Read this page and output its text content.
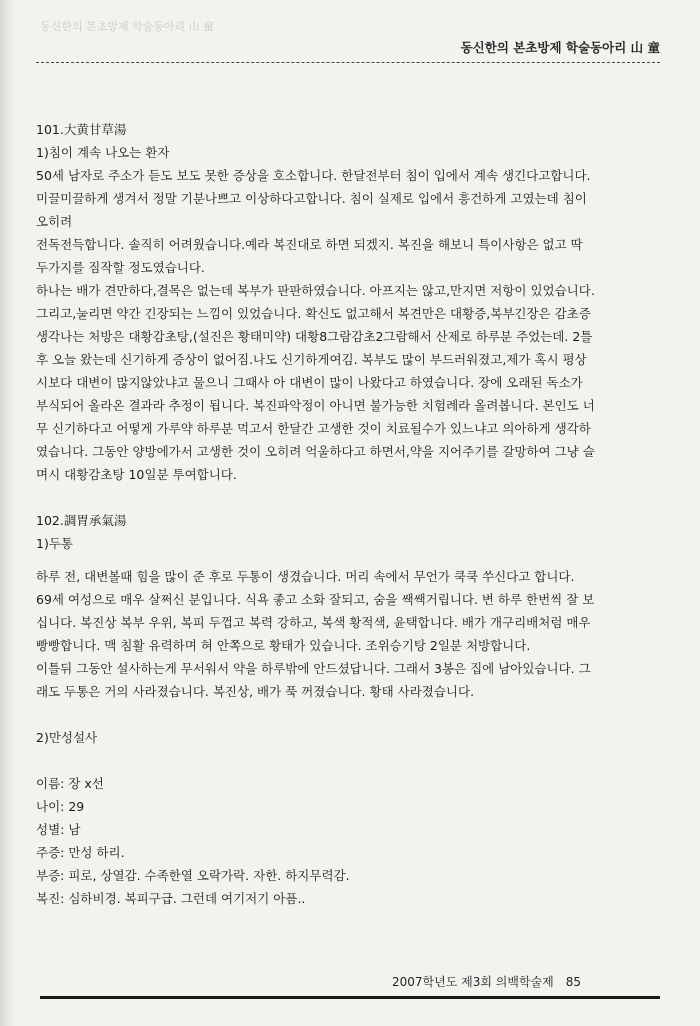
동신한의 본초방제 학술동아리 山 童
동신한의 본초방제 학술동아리 山 童

101.大黄甘草湯

1)침이 계속 나오는 환자

50세 남자로 주소가 듣도 보도 못한 증상을 호소합니다. 한달전부터 침이 입에서 계속 생긴다고합니다.

미끌미끌하게 생겨서 정말 기분나쁘고 이상하다고합니다. 침이 실제로 입에서 흥건하게 고였는데 침이 오히려

전독전득합니다. 솔직히 어려웠습니다.예라 복진대로 하면 되겠지. 복진을 해보니 특이사항은 없고 딱 두가지를 짐작할 정도였습니다.

하나는 배가 견만하다,결목은 없는데 복부가 판판하였습니다. 아프지는 않고,만지면 저항이 있었습니다. 그리고,눌리면 약간 긴장되는 느낌이 있었습니다. 확신도 없고해서 복견만은 대황증,복부긴장은 감초증 생각나는 처방은 대황감초탕,(설진은 황태미약) 대황8그람감초2그람해서 산제로 하루분 주었는데. 2틀후 오늘 왔는데 신기하게 증상이 없어짐.나도 신기하게여김. 복부도 많이 부드러워졌고,제가 혹시 평상시보다 대변이 많지않았냐고 물으니 그때사 아 대변이 많이 나왔다고 하였습니다. 장에 오래된 독소가 부식되어 올라온 결과라 추정이 됩니다. 복진파악정이 아니면 불가능한 치험례라 올려봅니다. 본인도 너무 신기하다고 어떻게 가루약 하루분 먹고서 한달간 고생한 것이 치료될수가 있느냐고 의아하게 생각하였습니다. 그동안 양방에가서 고생한 것이 오히려 억울하다고 하면서,약을 지어주기를 갈망하여 그냥 슬며시 대황감초탕 10일분 투여합니다.

102.調胃承氣湯

1)두통

하루 전, 대변볼때 힘을 많이 준 후로 두통이 생겼습니다. 머리 속에서 무언가 쿡쿡 쑤신다고 합니다.

69세 여성으로 매우 살쩌신 분입니다. 식욕 좋고 소화 잘되고, 숨을 쌕쌕거립니다. 변 하루 한번씩 잘 보십니다. 복진상 복부 우위, 복피 두껍고 복력 강하고, 복색 황적색, 윤택합니다. 배가 개구리배처럼 매우 빵빵합니다. 맥 침활 유력하며 혀 안쪽으로 황태가 있습니다. 조위승기탕 2일분 처방합니다.

이틀뒤 그동안 설사하는게 무서워서 약을 하루밖에 안드셨답니다. 그래서 3봉은 집에 남아있습니다. 그래도 두통은 거의 사라졌습니다. 복진상, 배가 푹 꺼졌습니다. 황태 사라졌습니다.

2)만성설사

이름: 장 x선

나이: 29

성별: 남

주증: 만성 하리.

부증: 피로, 상열감. 수족한열 오락가락. 자한. 하지무력감.

복진: 심하비경. 복피구급. 그런데 여기저기 아픔..

2007학년도 제3회 의백학술제 85
